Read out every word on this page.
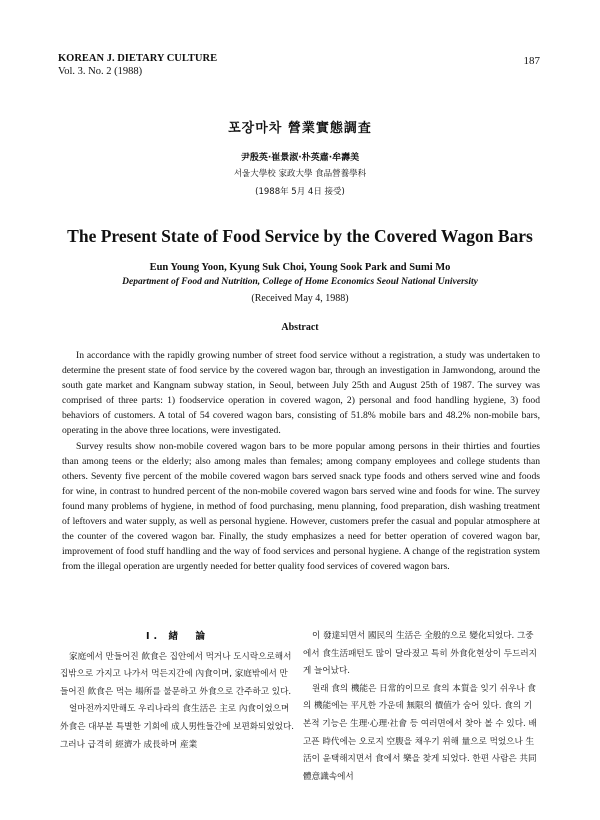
KOREAN J. DIETARY CULTURE
Vol. 3. No. 2 (1988)
187
포장마차 營業實態調査
尹殷英·崔景淑·朴英肅·牟壽美
서울大學校 家政大學 食品營養學科
(1988年 5月 4日 接受)
The Present State of Food Service by the Covered Wagon Bars
Eun Young Yoon, Kyung Suk Choi, Young Sook Park and Sumi Mo
Department of Food and Nutrition, College of Home Economics Seoul National University
(Received May 4, 1988)
Abstract

In accordance with the rapidly growing number of street food service without a registration, a study was undertaken to determine the present state of food service by the covered wagon bar, through an investigation in Jamwondong, around the south gate market and Kangnam subway station, in Seoul, between July 25th and August 25th of 1987. The survey was comprised of three parts: 1) foodservice operation in covered wagon, 2) personal and food handling hygiene, 3) food behaviors of customers. A total of 54 covered wagon bars, consisting of 51.8% mobile bars and 48.2% non-mobile bars, operating in the above three locations, were investigated.

Survey results show non-mobile covered wagon bars to be more popular among persons in their thirties and fourties than among teens or the elderly; also among males than females; among company employees and college students than others. Seventy five percent of the mobile covered wagon bars served snack type foods and others served wine and foods for wine, in contrast to hundred percent of the non-mobile covered wagon bars served wine and foods for wine. The survey found many problems of hygiene, in method of food purchasing, menu planning, food preparation, dish washing treatment of leftovers and water supply, as well as personal hygiene. However, customers prefer the casual and popular atmosphere at the counter of the covered wagon bar. Finally, the study emphasizes a need for better operation of covered wagon bar, improvement of food stuff handling and the way of food services and personal hygiene. A change of the registration system from the illegal operation are urgently needed for better quality food services of covered wagon bars.

I. 緖　論

家庭에서 만들어진 飮食은 집안에서 먹거나 도시락으로해서 집밖으로 가지고 나가서 먹든지간에 內食이며, 家庭밖에서 만들어진 飮食은 먹는 場所를 불문하고 外食으로 간주하고 있다.

얼마전까지만해도 우리나라의 食生活은 主로 內食이었으며 外食은 대부분 특별한 기회에 成人男性들간에 보편화되었었다. 그러나 급격히 經濟가 成長하며 産業

이 發達되면서 國民의 生活은 全般的으로 變化되었다. 그중에서 食生活패턴도 많이 달라졌고 특히 外食化현상이 두드러지게 늘어났다.

원래 食의 機能은 日常的이므로 食의 本質을 잊기 쉬우나 食의 機能에는 平凡한 가운데 無限의 價值가 숨어 있다. 食의 기본적 기능은 生理·心理·社會 등 여러면에서 찾아 볼 수 있다. 배고픈 時代에는 오로지 空腹을 채우기 위해 量으로 먹었으나 生活이 윤택해지면서 食에서 樂을 찾게 되었다. 한편 사람은 共同體意識속에서
